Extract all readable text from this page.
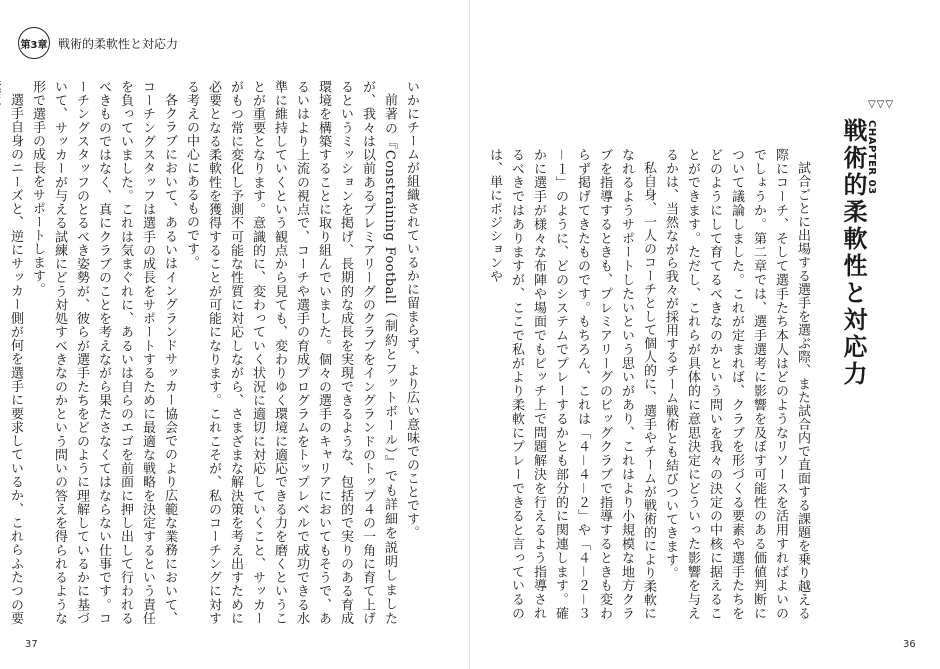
第3章 戦術的柔軟性と対応力

いかにチームが組織されているかに留まらず、より広い意味でのことです。

前著の『Constraining Football（制約とフットボール）』でも詳細を説明しましたが、我々は以前あるプレミアリーグのクラブをイングランドのトップ４の一角に育て上げるというミッションを掲げ、長期的な成長を実現できるような、包括的で実りのある育成環境を構築することに取り組んでいました。個々の選手のキャリアにおいてもそうで、あるいはより上流の視点で、コーチや選手の育成プログラムをトップレベルで成功できる水準に維持していくという観点から見ても、変わりゆく環境に適応できる力を磨くということが重要となります。意識的に、変わっていく状況に適切に対応していくこと、サッカーがもつ常に変化し予測不可能な性質に対応しながら、さまざまな解決策を考え出すために必要となる柔軟性を獲得することが可能になります。これこそが、私のコーチングに対する考えの中心にあるものです。

各クラブにおいて、あるいはイングランドサッカー協会でのより広範な業務において、コーチングスタッフは選手の成長をサポートするために最適な戦略を決定するという責任を負っていました。これは気まぐれに、あるいは自らのエゴを前面に押し出して行われるべきものではなく、真にクラブのことを考えながら果たさなくてはならない仕事です。コーチングスタッフのとるべき姿勢が、彼らが選手たちをどのように理解しているかに基づいて、サッカーが与える試練にどう対処すべきなのかという問いの答えを得られるような形で選手の成長をサポートします。

選手自身のニーズと、逆にサッカー側が何を選手に要求しているか、これらふたつの要

37
▽▽▽
CHAPTER 03
戦術的柔軟性と対応力

試合ごとに出場する選手を選ぶ際、また試合内で直面する課題を乗り越える際にコーチ、そして選手たち本人はどのようなリソースを活用すればよいのでしょうか。第二章では、選手選考に影響を及ぼす可能性のある価値判断について議論しました。これが定まれば、クラブを形づくる要素や選手たちをどのようにして育てるべきなのかという問いを我々の決定の中核に据えることができます。ただし、これらが具体的に意思決定にどういった影響を与えるかは、当然ながら我々が採用するチーム戦術とも結びついてきます。

私自身、一人のコーチとして個人的に、選手やチームが戦術的により柔軟になれるようサポートしたいという思いがあり、これはより小規模な地方クラブを指導するときも、プレミアリーグのビッグクラブで指導するときも変わらず掲げてきたものです。もちろん、これは「４－４－２」や「４－２－３－１」のように、どのシステムでプレーするかとも部分的に関連します。確かに選手が様々な布陣や場面でもピッチ上で問題解決を行えるよう指導されるべきではありますが、ここで私がより柔軟にプレーできると言っているのは、単にポジションや

36
